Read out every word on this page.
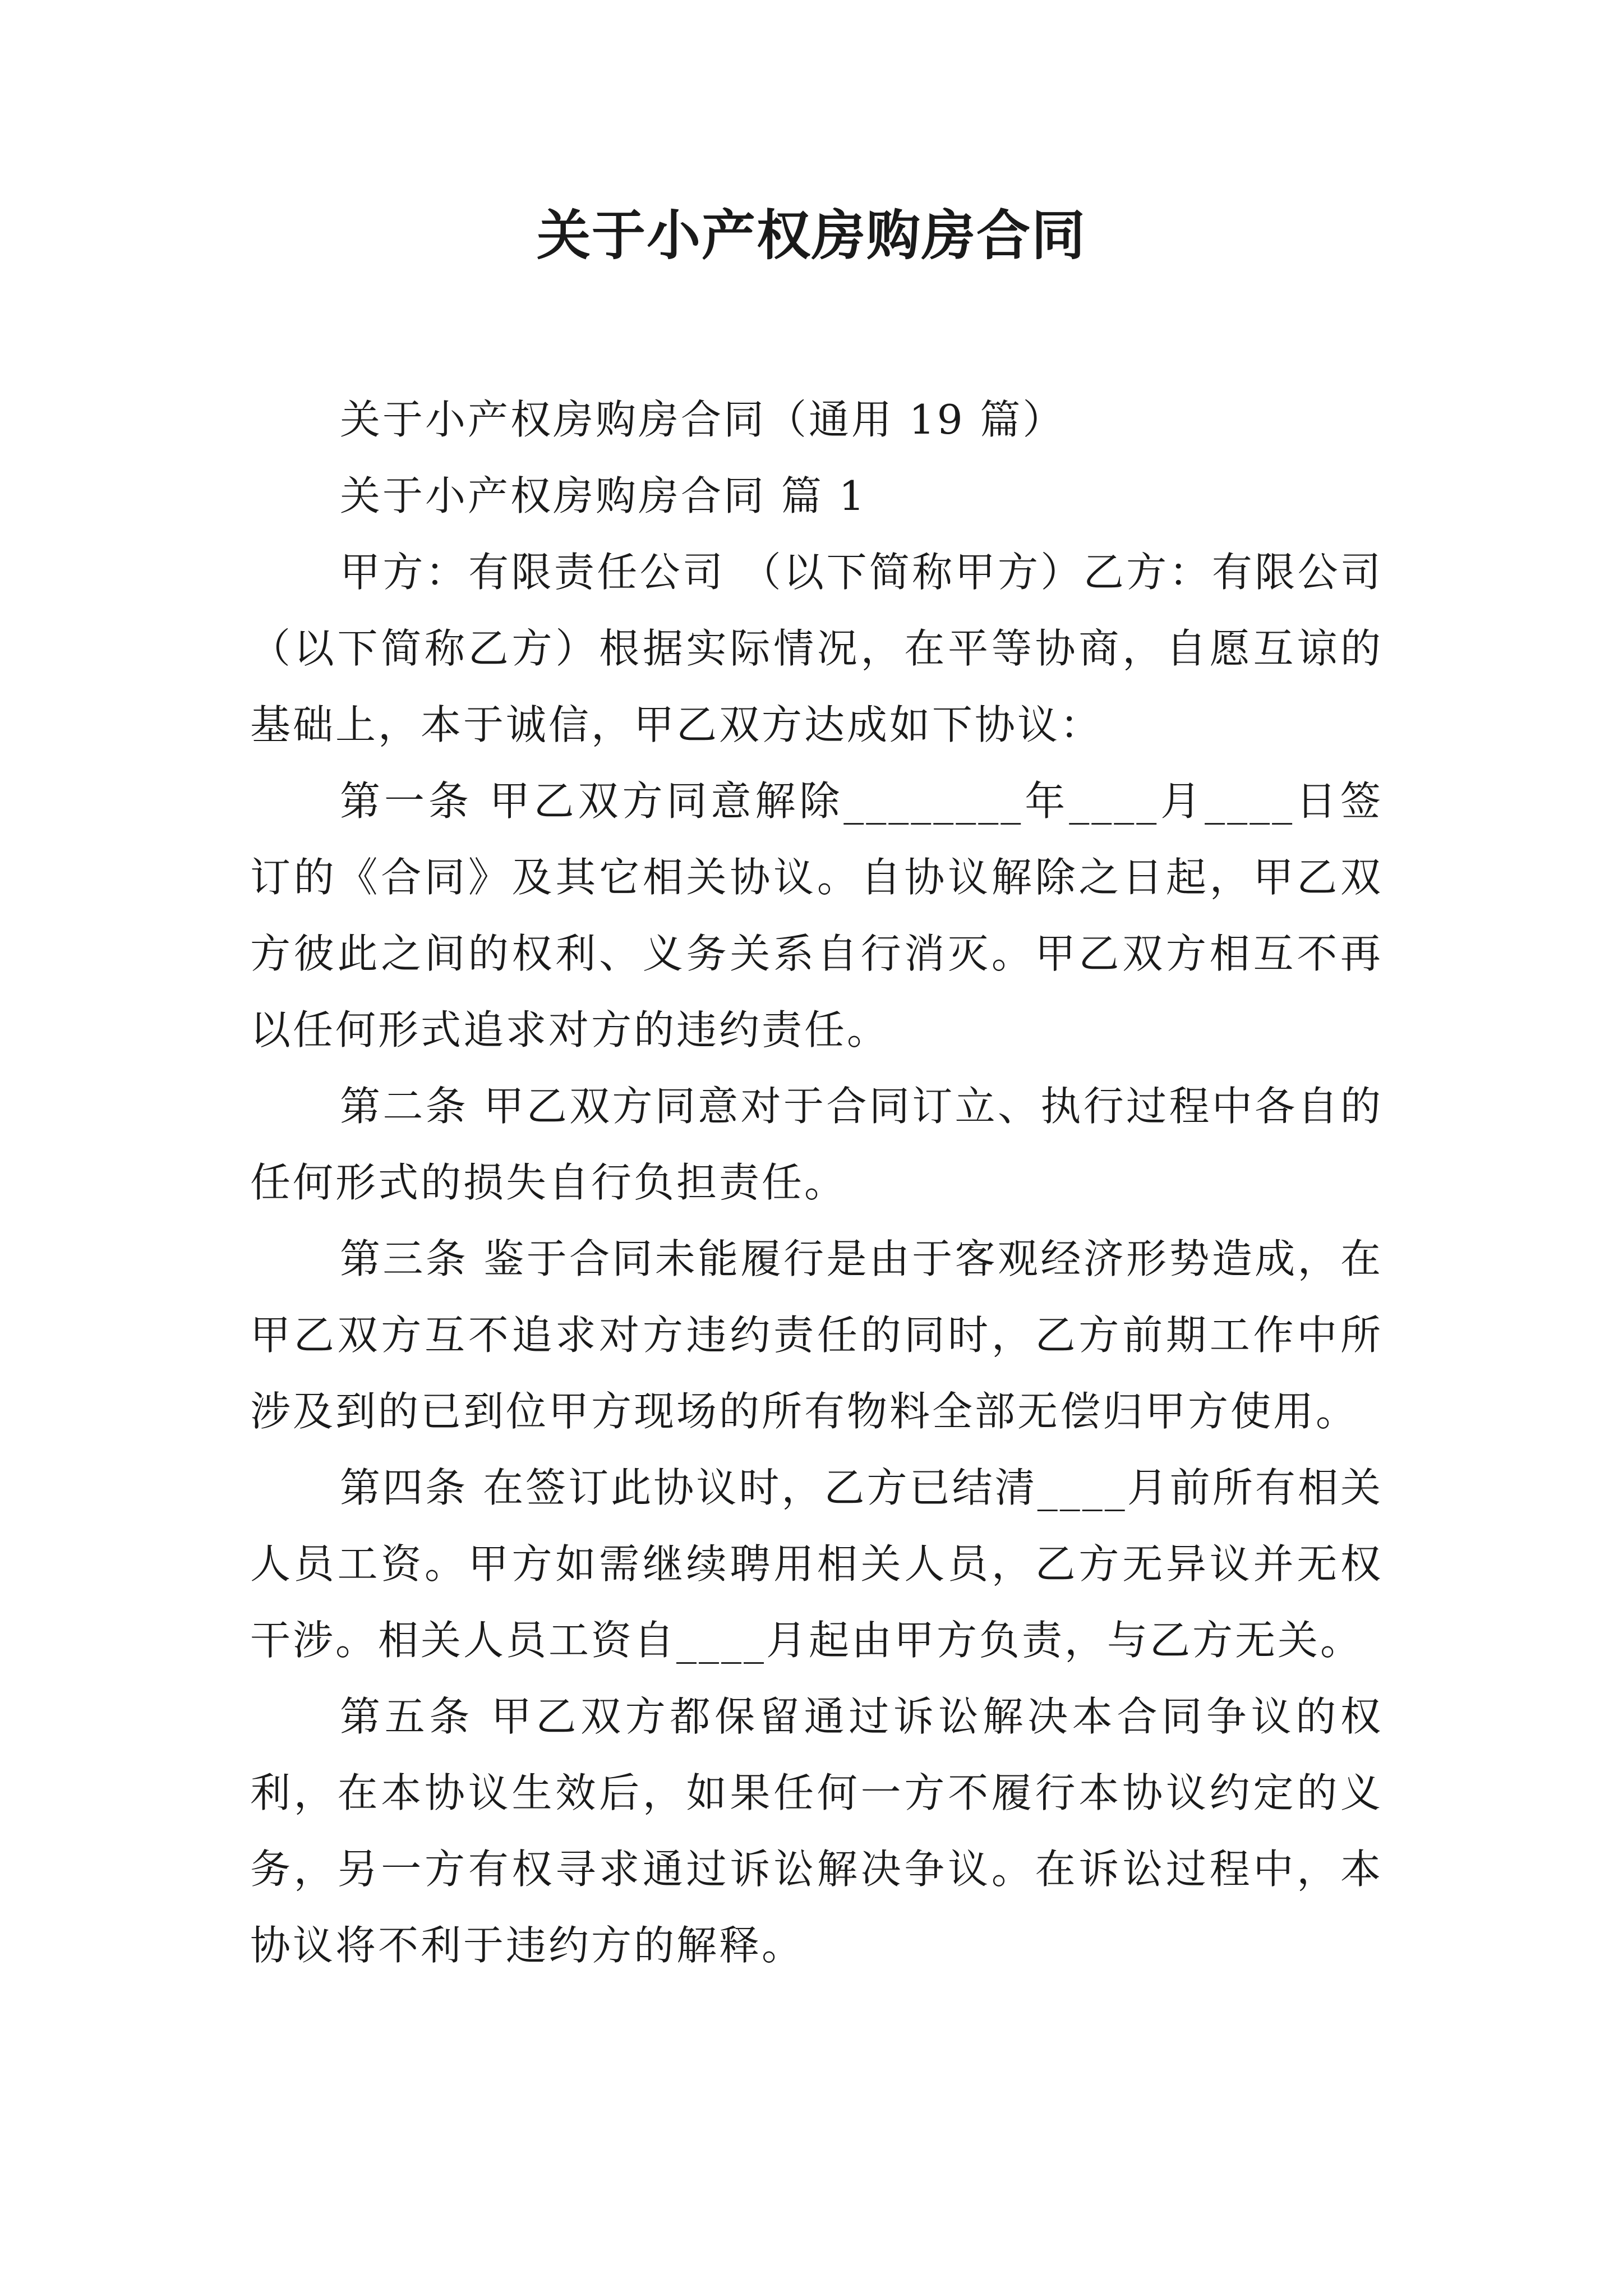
关于小产权房购房合同

关于小产权房购房合同（通用 19 篇）

关于小产权房购房合同 篇 1

甲方：有限责任公司 （以下简称甲方）乙方：有限公司 （以下简称乙方）根据实际情况，在平等协商，自愿互谅的基础上，本于诚信，甲乙双方达成如下协议：

第一条 甲乙双方同意解除________年____月____日签订的《合同》及其它相关协议。自协议解除之日起，甲乙双方彼此之间的权利、义务关系自行消灭。甲乙双方相互不再以任何形式追求对方的违约责任。

第二条 甲乙双方同意对于合同订立、执行过程中各自的任何形式的损失自行负担责任。

第三条 鉴于合同未能履行是由于客观经济形势造成，在甲乙双方互不追求对方违约责任的同时，乙方前期工作中所涉及到的已到位甲方现场的所有物料全部无偿归甲方使用。

第四条 在签订此协议时，乙方已结清____月前所有相关人员工资。甲方如需继续聘用相关人员，乙方无异议并无权干涉。相关人员工资自____月起由甲方负责，与乙方无关。

第五条 甲乙双方都保留通过诉讼解决本合同争议的权利，在本协议生效后，如果任何一方不履行本协议约定的义务，另一方有权寻求通过诉讼解决争议。在诉讼过程中，本协议将不利于违约方的解释。
